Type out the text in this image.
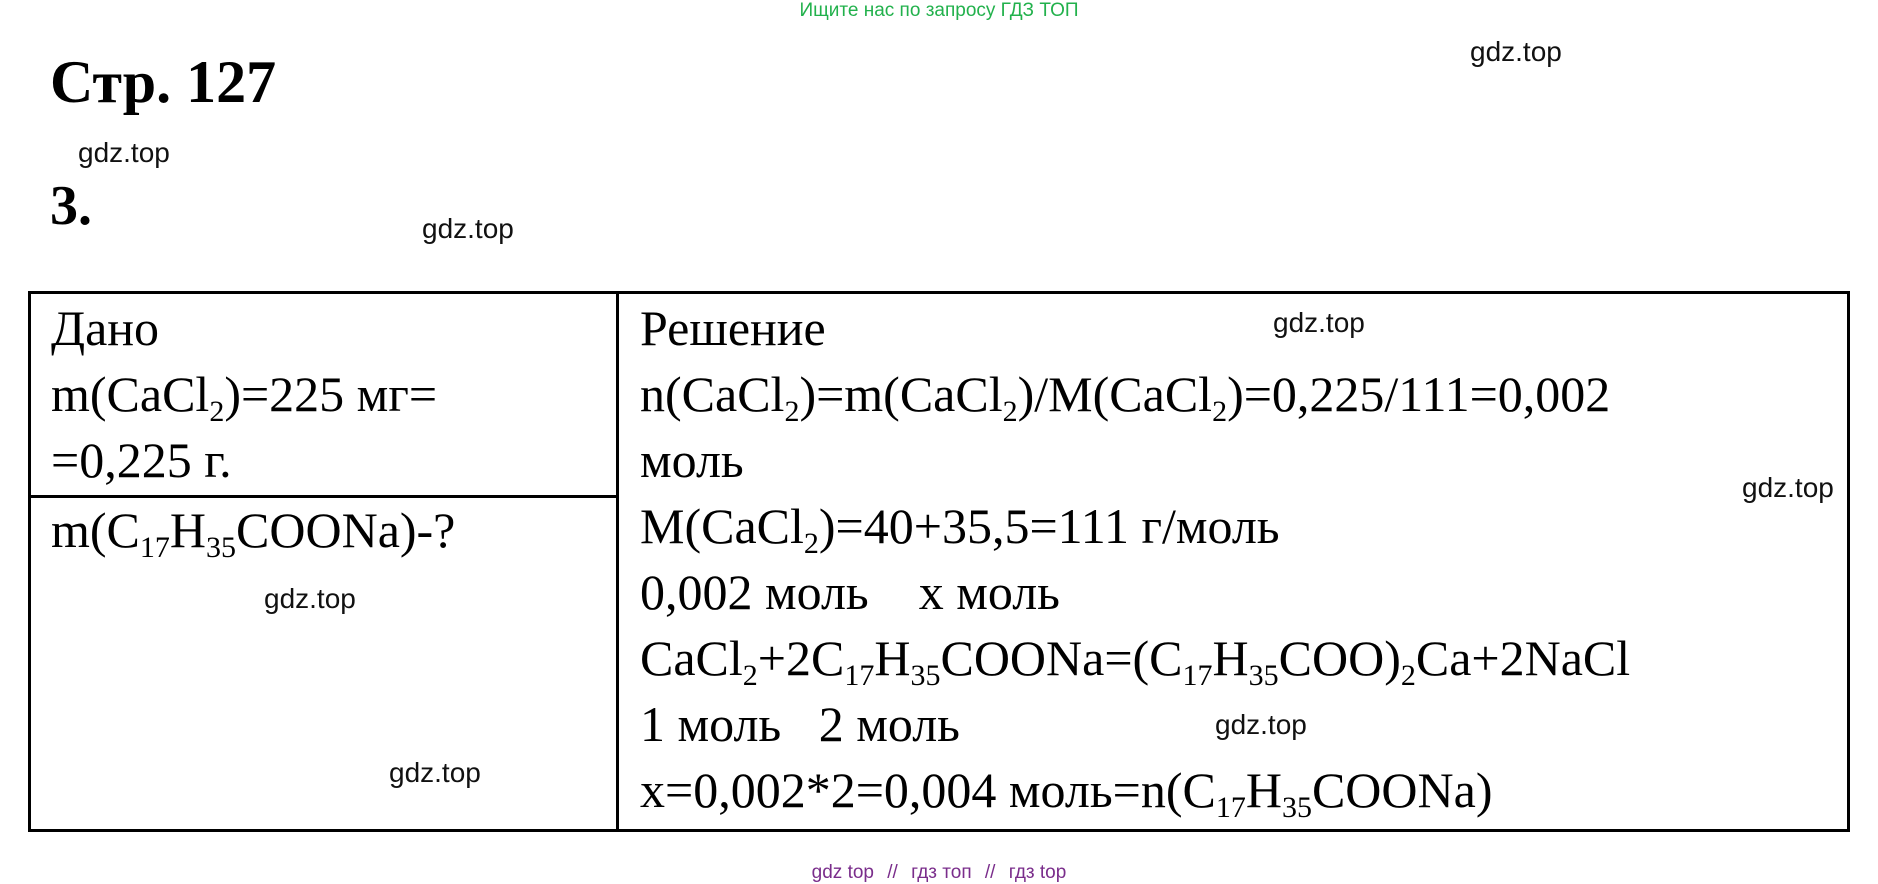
Ищите нас по запросу ГДЗ ТОП
Стр. 127
3.
gdz.top
gdz.top
gdz.top
gdz.top
gdz.top
gdz.top
gdz.top
gdz.top
Дано
m(CaCl$_2$)=225 мг=
=0,225 г.
$m(C_{17}H_{35}COONa)-$?
Решение
n(CaCl$_2$)=m(CaCl$_2$)/M(CaCl$_2$)=0,225/111=0,002
моль
M(CaCl$_2$)=40+35,5=111 г/моль
0,002 моль    х моль
$CaCl_2+2C_{17}H_{35}COONa=(C_{17}H_{35}COO)_2Ca+2NaCl$
1 моль   2 моль
х=0,002*2=0,004 $моль=n(C_{17}H_{35}COONa)$
gdz top // гдз топ // гдз top
